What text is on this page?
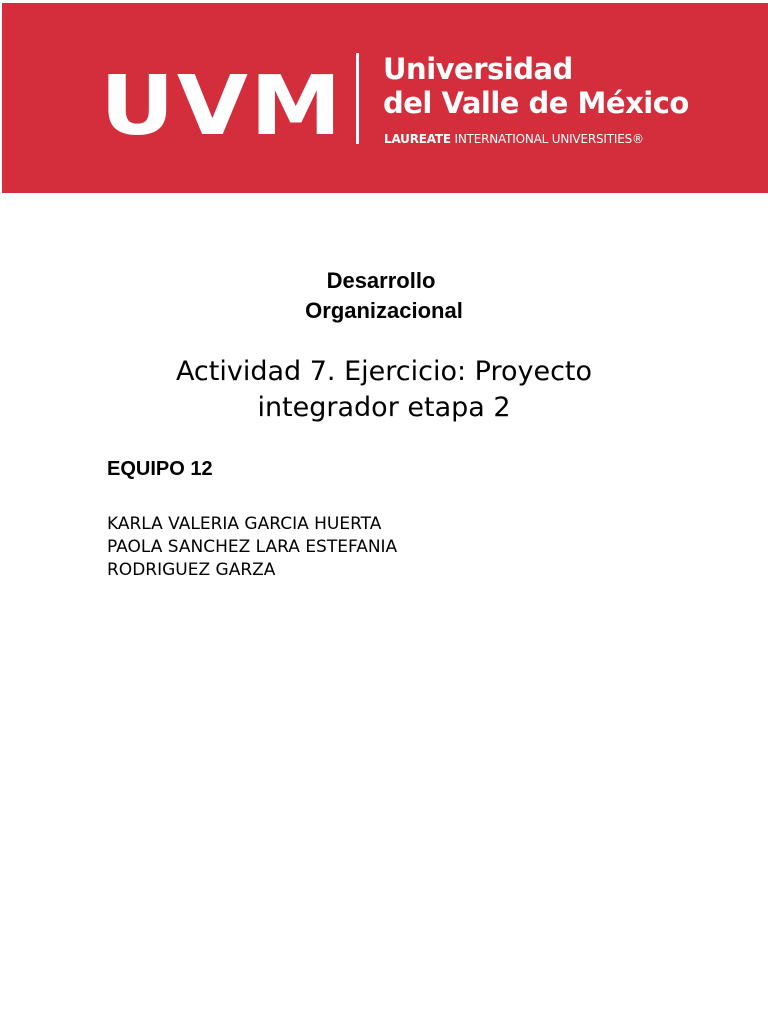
UVM Universidad
del Valle de México
LAUREATE INTERNATIONAL UNIVERSITIES®
Desarrollo
Organizacional
Actividad 7. Ejercicio: Proyecto
integrador etapa 2
EQUIPO 12
KARLA VALERIA GARCIA HUERTA
PAOLA SANCHEZ LARA ESTEFANIA
RODRIGUEZ GARZA
